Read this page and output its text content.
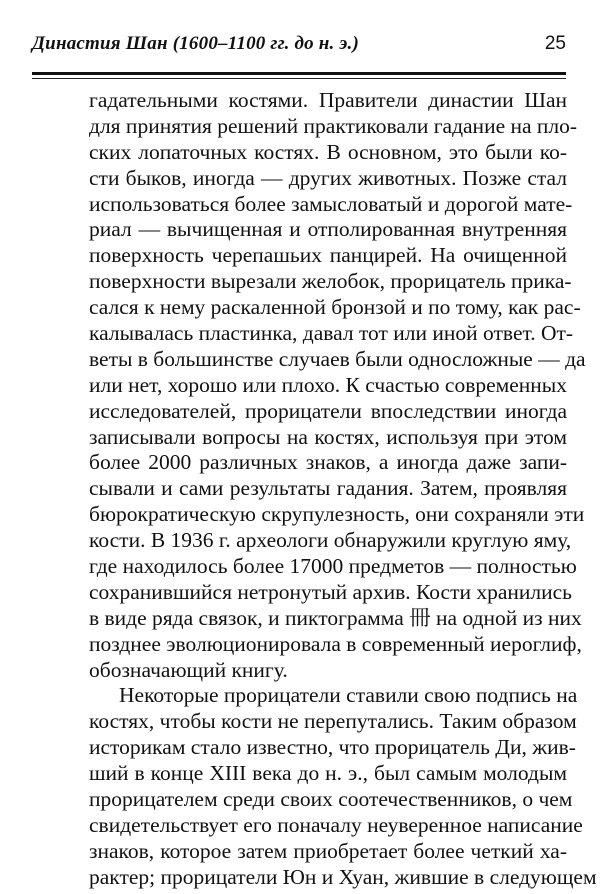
Династия Шан (1600–1100 гг. до н. э.)	25
гадательными костями. Правители династии Шан
для принятия решений практиковали гадание на пло-
ских лопаточных костях. В основном, это были ко-
сти быков, иногда — других животных. Позже стал
использоваться более замысловатый и дорогой мате-
риал — вычищенная и отполированная внутренняя
поверхность черепашьих панцирей. На очищенной
поверхности вырезали желобок, прорицатель прика-
сался к нему раскаленной бронзой и по тому, как рас-
калывалась пластинка, давал тот или иной ответ. От-
веты в большинстве случаев были односложные — да
или нет, хорошо или плохо. К счастью современных
исследователей, прорицатели впоследствии иногда
записывали вопросы на костях, используя при этом
более 2000 различных знаков, а иногда даже запи-
сывали и сами результаты гадания. Затем, проявляя
бюрократическую скрупулезность, они сохраняли эти
кости. В 1936 г. археологи обнаружили круглую яму,
где находилось более 17000 предметов — полностью
сохранившийся нетронутый архив. Кости хранились
в виде ряда связок, и пиктограмма 冊 на одной из них
позднее эволюционировала в современный иероглиф,
обозначающий книгу.
Некоторые прорицатели ставили свою подпись на
костях, чтобы кости не перепутались. Таким образом
историкам стало известно, что прорицатель Ди, жив-
ший в конце XIII века до н. э., был самым молодым
прорицателем среди своих соотечественников, о чем
свидетельствует его поначалу неуверенное написание
знаков, которое затем приобретает более четкий ха-
рактер; прорицатели Юн и Хуан, жившие в следующем
